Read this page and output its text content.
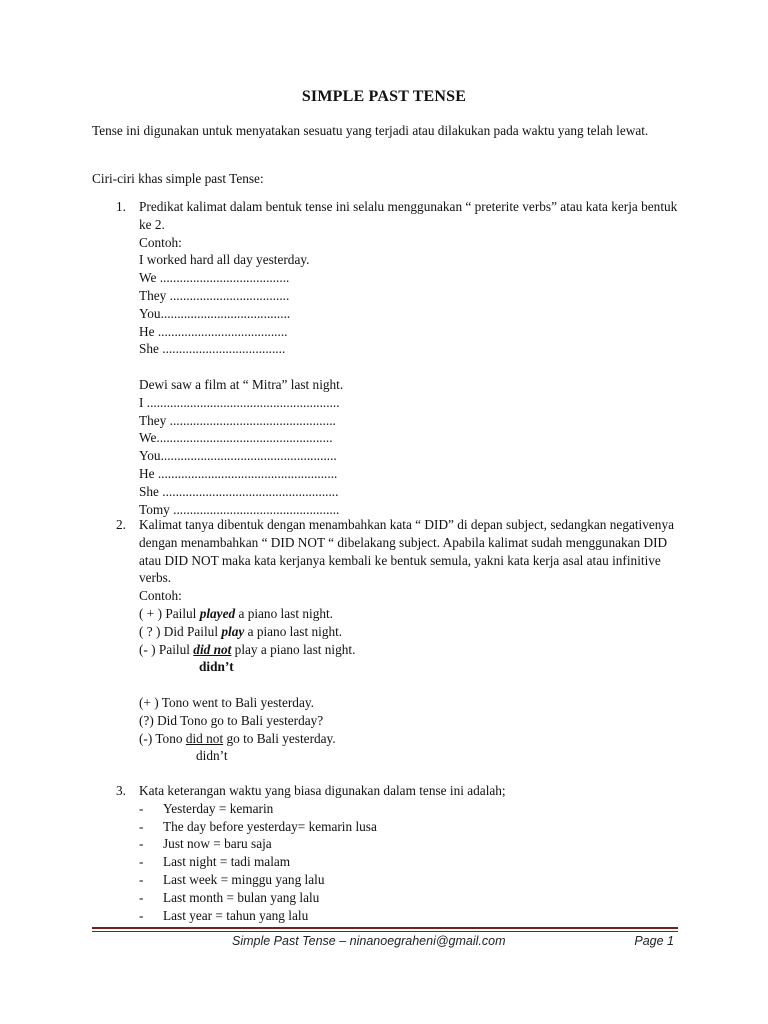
SIMPLE PAST TENSE
Tense ini digunakan untuk menyatakan sesuatu yang terjadi atau dilakukan pada waktu yang telah lewat.
Ciri-ciri khas simple past Tense:
1. Predikat kalimat dalam bentuk tense ini selalu menggunakan “ preterite verbs” atau kata kerja bentuk ke 2.
Contoh:
I worked hard all day yesterday.
We .......................................
They ....................................
You.......................................
He .......................................
She .....................................
Dewi saw a film at “ Mitra” last night.
I ..........................................................
They ..................................................
We.....................................................
You.....................................................
He ......................................................
She .....................................................
Tomy ..................................................
2. Kalimat tanya dibentuk dengan menambahkan kata “ DID” di depan subject, sedangkan negativenya dengan menambahkan “ DID NOT “ dibelakang subject. Apabila kalimat sudah menggunakan DID atau DID NOT maka kata kerjanya kembali ke bentuk semula, yakni kata kerja asal atau infinitive verbs.
Contoh:
( + ) Pailul played a piano last night.
( ? ) Did Pailul play a piano last night.
(- ) Pailul did not play a piano last night.
didn’t
(+ ) Tono went to Bali yesterday.
(?) Did Tono go to Bali yesterday?
(-) Tono did not go to Bali yesterday.
didn’t
3. Kata keterangan waktu yang biasa digunakan dalam tense ini adalah;
- Yesterday = kemarin
- The day before yesterday= kemarin lusa
- Just now = baru saja
- Last night = tadi malam
- Last week = minggu yang lalu
- Last month = bulan yang lalu
- Last year = tahun yang lalu
Simple Past Tense – ninanoegraheni@gmail.com	Page 1
